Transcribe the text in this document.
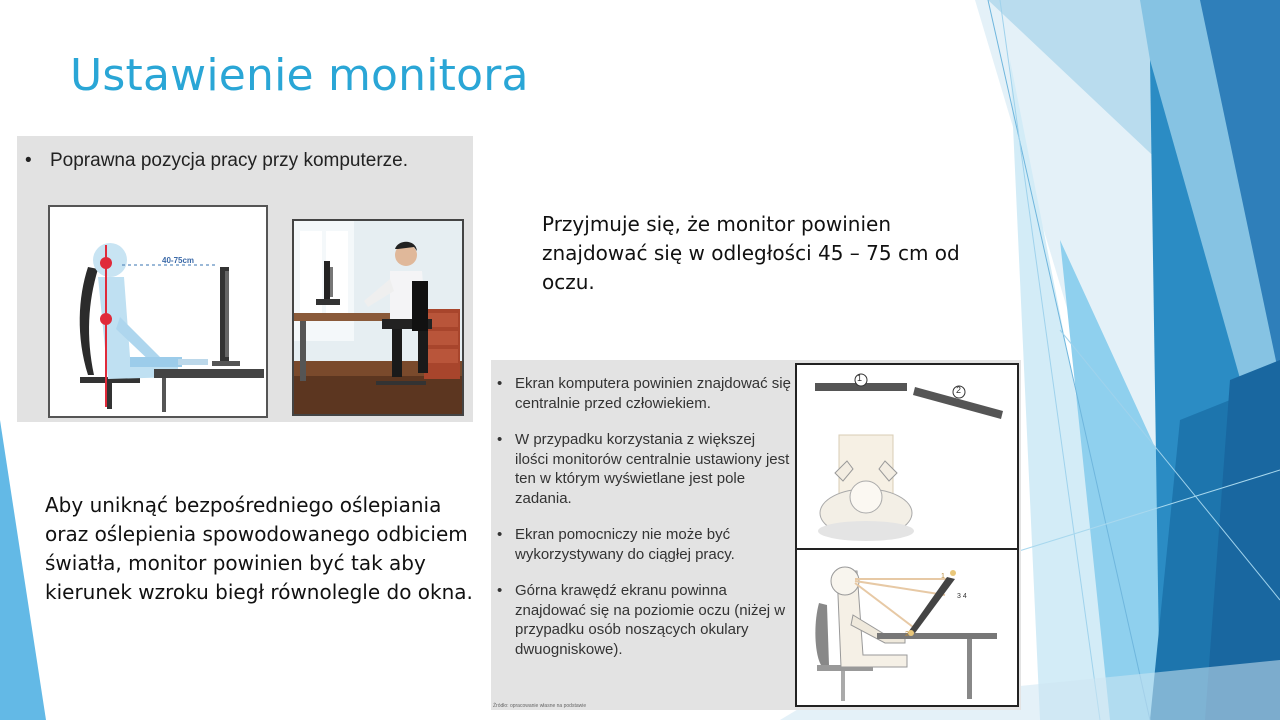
Ustawienie monitora
• Poprawna pozycja pracy przy komputerze.
40-75cm
Przyjmuje się, że monitor powinien znajdować się w odległości 45 – 75 cm od oczu.
Aby uniknąć bezpośredniego oślepiania oraz oślepienia spowodowanego odbiciem światła, monitor powinien być tak aby kierunek wzroku biegł równolegle do okna.
• Ekran komputera powinien znajdować się centralnie przed człowiekiem.
• W przypadku korzystania z większej ilości monitorów centralnie ustawiony jest ten w którym wyświetlane jest pole zadania.
• Ekran pomocniczy nie może być wykorzystywany do ciągłej pracy.
• Górna krawędź ekranu powinna znajdować się na poziomie oczu (niżej w przypadku osób noszących okulary dwuogniskowe).
1
2
1
2
3 4
Źródło: opracowanie własne na podstawie
